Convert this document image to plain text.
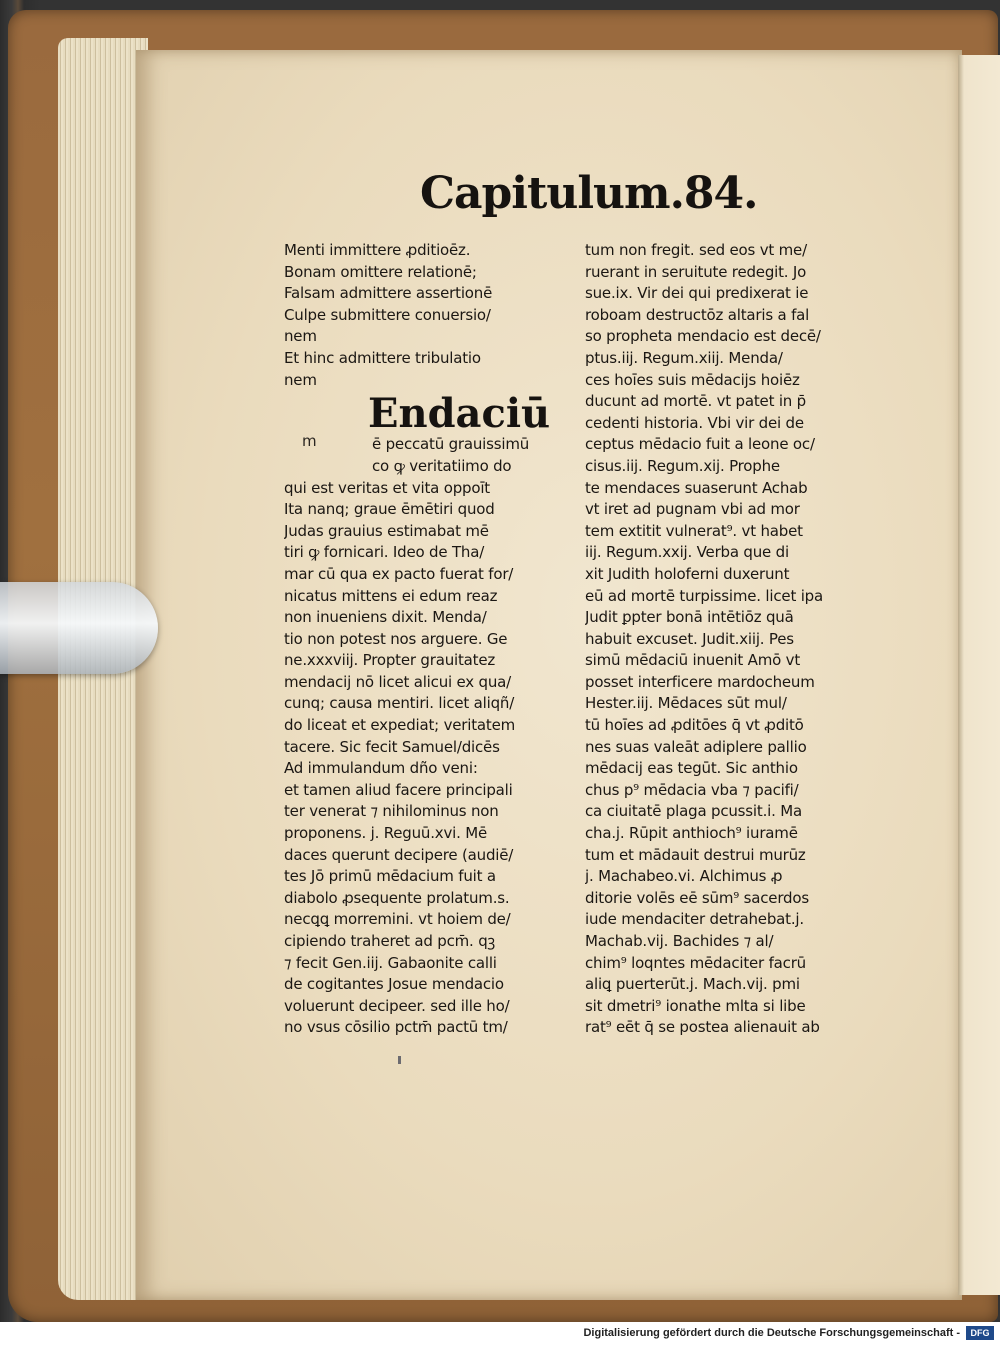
Capitulum.84.
Menti immittere ꝓditioēz.
Bonam omittere relationē;
Falsam admittere assertionē
Culpe submittere conuersio/
nem
Et hinc admittere tribulatio
nem
ē peccatū grauissimū
co ꝙ veritatiimo do
qui est veritas et vita oppoīt
Ita nanq; graue ēmētiri quod
Judas grauius estimabat mē
tiri ꝙ fornicari. Ideo de Tha/
mar cū qua ex pacto fuerat for/
nicatus mittens ei edum reaz
non inueniens dixit. Menda/
tio non potest nos arguere. Ge
ne.xxxviij. Propter grauitatez
mendacij nō licet alicui ex qua/
cunq; causa mentiri. licet aliqñ/
do liceat et expediat; veritatem
tacere. Sic fecit Samuel/dicēs
Ad immulandum dño veni:
et tamen aliud facere principali
ter venerat ⁊ nihilominus non
proponens. j. Reguū.xvi. Mē
daces querunt decipere (audiē/
tes Jō primū mēdacium fuit a
diabolo ꝓsequente prolatum.s.
necꝗꝗ morremini. vt hoiem de/
cipiendo traheret ad pcm̄. qꝫ
⁊ fecit Gen.iij. Gabaonite calli
de cogitantes Josue mendacio
voluerunt decipeer. sed ille ho/
no vsus cōsilio pctm̄ pactū tm/
tum non fregit. sed eos vt me/
ruerant in seruitute redegit. Jo
sue.ix. Vir dei qui predixerat ie
roboam destructōz altaris a fal
so propheta mendacio est decē/
ptus.iij. Regum.xiij. Menda/
ces hoīes suis mēdacijs hoiēz
ducunt ad mortē. vt patet in p̄
cedenti historia. Vbi vir dei de
ceptus mēdacio fuit a leone oc/
cisus.iij. Regum.xij. Prophe
te mendaces suaserunt Achab
vt iret ad pugnam vbi ad mor
tem extitit vulnerat⁹. vt habet
iij. Regum.xxij. Verba que di
xit Judith holoferni duxerunt
eū ad mortē turpissime. licet ipa
Judit ꝑpter bonā intētiōz quā
habuit excuset. Judit.xiij. Pes
simū mēdaciū inuenit Amō vt
posset interficere mardocheum
Hester.iij. Mēdaces sūt mul/
tū hoīes ad ꝓditōes q̄ vt ꝓditō
nes suas valeāt adiplere pallio
mēdacij eas tegūt. Sic anthio
chus p⁹ mēdacia vba ⁊ pacifi/
ca ciuitatē plaga pcussit.i. Ma
cha.j. Rūpit anthioch⁹ iuramē
tum et mādauit destrui murūz
j. Machabeo.vi. Alchimus ꝓ
ditorie volēs eē sūm⁹ sacerdos
iude mendaciter detrahebat.j.
Machab.vij. Bachides ⁊ al/
chim⁹ loqntes mēdaciter facrū
aliꝗ puerterūt.j. Mach.vij. pmi
sit dmetri⁹ ionathe mlta si libe
rat⁹ eēt q̄ se postea alienauit ab
Endaciū
m
Digitalisierung gefördert durch die Deutsche Forschungsgemeinschaft -	DFG
